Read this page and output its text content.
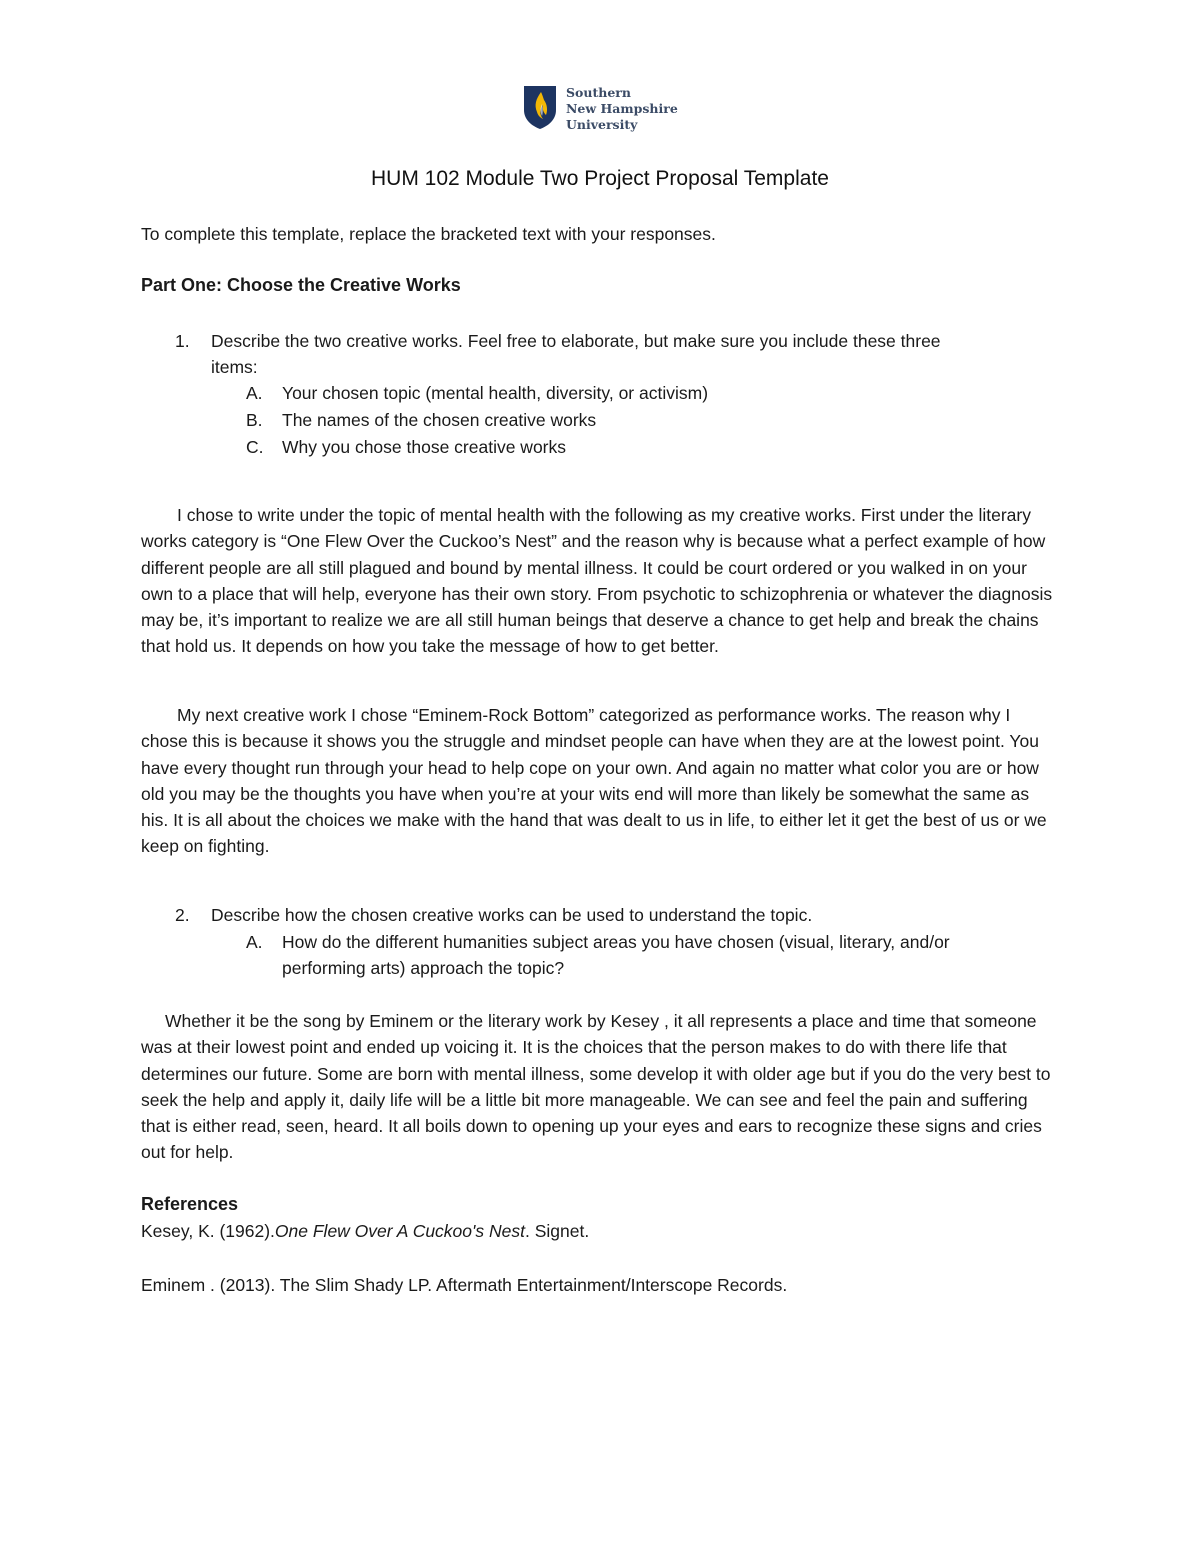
Southern
New Hampshire
University
HUM 102 Module Two Project Proposal Template
To complete this template, replace the bracketed text with your responses.
Part One: Choose the Creative Works
1. Describe the two creative works. Feel free to elaborate, but make sure you include these three
items:
A. Your chosen topic (mental health, diversity, or activism)
B. The names of the chosen creative works
C. Why you chose those creative works
I chose to write under the topic of mental health with the following as my creative works. First under the literary works category is “One Flew Over the Cuckoo’s Nest” and the reason why is because what a perfect example of how different people are all still plagued and bound by mental illness. It could be court ordered or you walked in on your own to a place that will help, everyone has their own story. From psychotic to schizophrenia or whatever the diagnosis may be, it’s important to realize we are all still human beings that deserve a chance to get help and break the chains that hold us. It depends on how you take the message of how to get better.
My next creative work I chose “Eminem-Rock Bottom” categorized as performance works. The reason why I chose this is because it shows you the struggle and mindset people can have when they are at the lowest point. You have every thought run through your head to help cope on your own. And again no matter what color you are or how old you may be the thoughts you have when you’re at your wits end will more than likely be somewhat the same as his. It is all about the choices we make with the hand that was dealt to us in life, to either let it get the best of us or we keep on fighting.
2. Describe how the chosen creative works can be used to understand the topic.
A. How do the different humanities subject areas you have chosen (visual, literary, and/or
performing arts) approach the topic?
Whether it be the song by Eminem or the literary work by Kesey , it all represents a place and time that someone was at their lowest point and ended up voicing it. It is the choices that the person makes to do with there life that determines our future. Some are born with mental illness, some develop it with older age but if you do the very best to seek the help and apply it, daily life will be a little bit more manageable. We can see and feel the pain and suffering that is either read, seen, heard. It all boils down to opening up your eyes and ears to recognize these signs and cries out for help.
References
Kesey, K. (1962).One Flew Over A Cuckoo's Nest. Signet.
Eminem . (2013). The Slim Shady LP. Aftermath Entertainment/Interscope Records.
